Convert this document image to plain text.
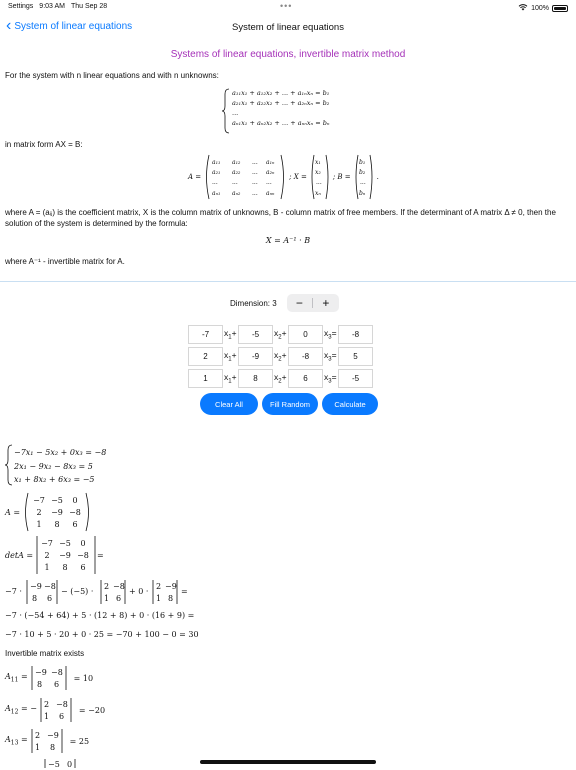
Settings 9:03 AM Thu Sep 28	•••	100%
‹ System of linear equations	System of linear equations
Systems of linear equations, invertible matrix method
For the system with n linear equations and with n unknowns:
a₁₁x₁ + a₁₂x₂ + ... + a₁ₙxₙ = b₁
a₂₁x₁ + a₂₂x₂ + ... + a₂ₙxₙ = b₂
...
aₙ₁x₁ + aₙ₂x₂ + ... + aₙₙxₙ = bₙ
in matrix form AX = B:
A =
a₁₁ a₁₂ ... a₁ₙ
a₂₁ a₂₂ ... a₂ₙ
... ... ... ...
aₙ₁ aₙ₂ ... aₙₙ
; X =
x₁
x₂
...
xₙ
; B =
b₁
b₂
...
bₙ
.
where A = (aᵢⱼ) is the coefficient matrix, X is the column matrix of unknowns, B - column matrix of free members. If the determinant of A matrix Δ ≠ 0, then the solution of the system is determined by the formula:
X = A⁻¹ · B
where A⁻¹ - invertible matrix for A.
Dimension: 3	−	+
-7	$x_1+$	-5	$x_2+$	0	$x_3=$	-8
2	$x_1+$	-9	$x_2+$	-8	$x_3=$	5
1	$x_1+$	8	$x_2+$	6	$x_3=$	-5
Clear All	Fill Random	Calculate
−7x₁ − 5x₂ + 0x₃ = −8
2x₁ − 9x₂ − 8x₃ = 5
x₁ + 8x₂ + 6x₃ = −5
A =
−7 −5 0
2 −9 −8
1 8 6
detA =
−7 −5 0
2 −9 −8
1 8 6
=
−7 ·
−9 −8
8 6
− (−5) ·
2 −8
1 6
+ 0 ·
2 −9
1 8
=
−7 · (−54 + 64) + 5 · (12 + 8) + 0 · (16 + 9) =
−7 · 10 + 5 · 20 + 0 · 25 = −70 + 100 − 0 = 30
Invertible matrix exists
$A_{11} = -9 -8$
8 6
= 10
$A_{12}$ = − 2 −8
1 6
= −20
$A_{13} = 2 -9$
1 8
= 25
−5 0
